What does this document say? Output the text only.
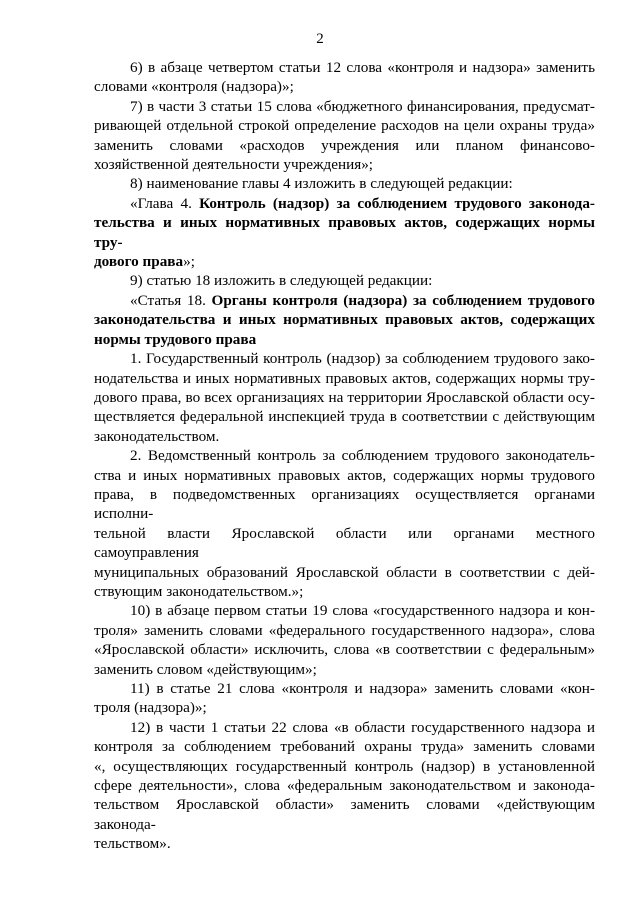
2
6) в абзаце четвертом статьи 12 слова «контроля и надзора» заменить
словами «контроля (надзора)»;
7) в части 3 статьи 15 слова «бюджетного финансирования, предусмат-
ривающей отдельной строкой определение расходов на цели охраны труда»
заменить словами «расходов учреждения или планом финансово-
хозяйственной деятельности учреждения»;
8) наименование главы 4 изложить в следующей редакции:
«Глава 4. Контроль (надзор) за соблюдением трудового законода-
тельства и иных нормативных правовых актов, содержащих нормы тру-
дового права»;
9) статью 18 изложить в следующей редакции:
«Статья 18. Органы контроля (надзора) за соблюдением трудового
законодательства и иных нормативных правовых актов, содержащих
нормы трудового права
1. Государственный контроль (надзор) за соблюдением трудового зако-
нодательства и иных нормативных правовых актов, содержащих нормы тру-
дового права, во всех организациях на территории Ярославской области осу-
ществляется федеральной инспекцией труда в соответствии с действующим
законодательством.
2. Ведомственный контроль за соблюдением трудового законодатель-
ства и иных нормативных правовых актов, содержащих нормы трудового
права, в подведомственных организациях осуществляется органами исполни-
тельной власти Ярославской области или органами местного самоуправления
муниципальных образований Ярославской области в соответствии с дей-
ствующим законодательством.»;
10) в абзаце первом статьи 19 слова «государственного надзора и кон-
троля» заменить словами «федерального государственного надзора», слова
«Ярославской области» исключить, слова «в соответствии с федеральным»
заменить словом «действующим»;
11) в статье 21 слова «контроля и надзора» заменить словами «кон-
троля (надзора)»;
12) в части 1 статьи 22 слова «в области государственного надзора и
контроля за соблюдением требований охраны труда» заменить словами
«, осуществляющих государственный контроль (надзор) в установленной
сфере деятельности», слова «федеральным законодательством и законода-
тельством Ярославской области» заменить словами «действующим законода-
тельством».
